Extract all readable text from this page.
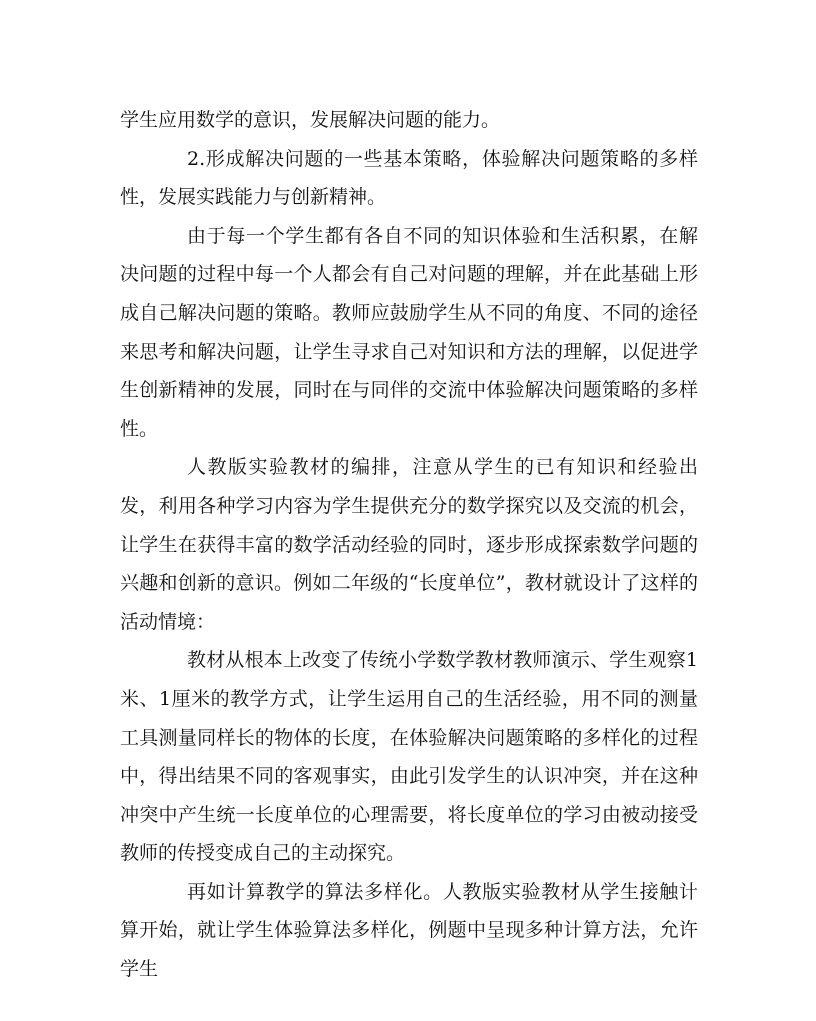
学生应用数学的意识，发展解决问题的能力。

2.形成解决问题的一些基本策略，体验解决问题策略的多样性，发展实践能力与创新精神。

由于每一个学生都有各自不同的知识体验和生活积累，在解决问题的过程中每一个人都会有自己对问题的理解，并在此基础上形成自己解决问题的策略。教师应鼓励学生从不同的角度、不同的途径来思考和解决问题，让学生寻求自己对知识和方法的理解，以促进学生创新精神的发展，同时在与同伴的交流中体验解决问题策略的多样性。

人教版实验教材的编排，注意从学生的已有知识和经验出发，利用各种学习内容为学生提供充分的数学探究以及交流的机会，让学生在获得丰富的数学活动经验的同时，逐步形成探索数学问题的兴趣和创新的意识。例如二年级的“长度单位”，教材就设计了这样的活动情境：

教材从根本上改变了传统小学数学教材教师演示、学生观察1米、1厘米的教学方式，让学生运用自己的生活经验，用不同的测量工具测量同样长的物体的长度，在体验解决问题策略的多样化的过程中，得出结果不同的客观事实，由此引发学生的认识冲突，并在这种冲突中产生统一长度单位的心理需要，将长度单位的学习由被动接受教师的传授变成自己的主动探究。

再如计算教学的算法多样化。人教版实验教材从学生接触计算开始，就让学生体验算法多样化，例题中呈现多种计算方法，允许学生
